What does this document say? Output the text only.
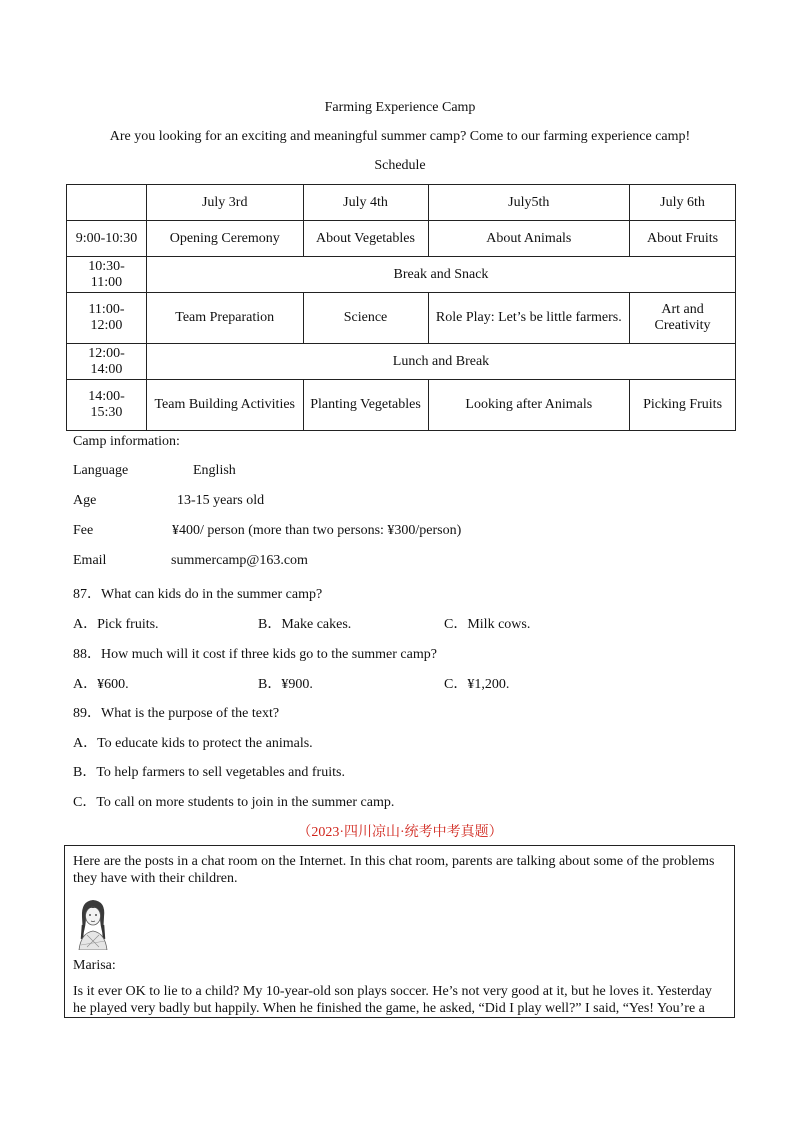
Farming Experience Camp
Are you looking for an exciting and meaningful summer camp? Come to our farming experience camp!
Schedule
	July 3rd	July 4th	July5th	July 6th
9:00-10:30	Opening Ceremony	About Vegetables	About Animals	About Fruits
10:30-11:00	Break and Snack			
11:00-12:00	Team Preparation	Science	Role Play: Let’s be little farmers.	Art and Creativity
12:00-14:00	Lunch and Break			
14:00-15:30	Team Building Activities	Planting Vegetables	Looking after Animals	Picking Fruits
Camp information:
Language	English
Age	13-15 years old
Fee	¥400/ person (more than two persons: ¥300/person)
Email	summercamp@163.com
87．What can kids do in the summer camp?
A．Pick fruits.	B．Make cakes.	C．Milk cows.
88．How much will it cost if three kids go to the summer camp?
A．¥600.	B．¥900.	C．¥1,200.
89．What is the purpose of the text?
A．To educate kids to protect the animals.
B．To help farmers to sell vegetables and fruits.
C．To call on more students to join in the summer camp.
（2023·四川凉山·统考中考真题）
Here are the posts in a chat room on the Internet. In this chat room, parents are talking about some of the problems they have with their children.
Marisa:
Is it ever OK to lie to a child? My 10-year-old son plays soccer. He’s not very good at it, but he loves it. Yesterday he played very badly but happily. When he finished the game, he asked, “Did I play well?” I said, “Yes! You’re a
